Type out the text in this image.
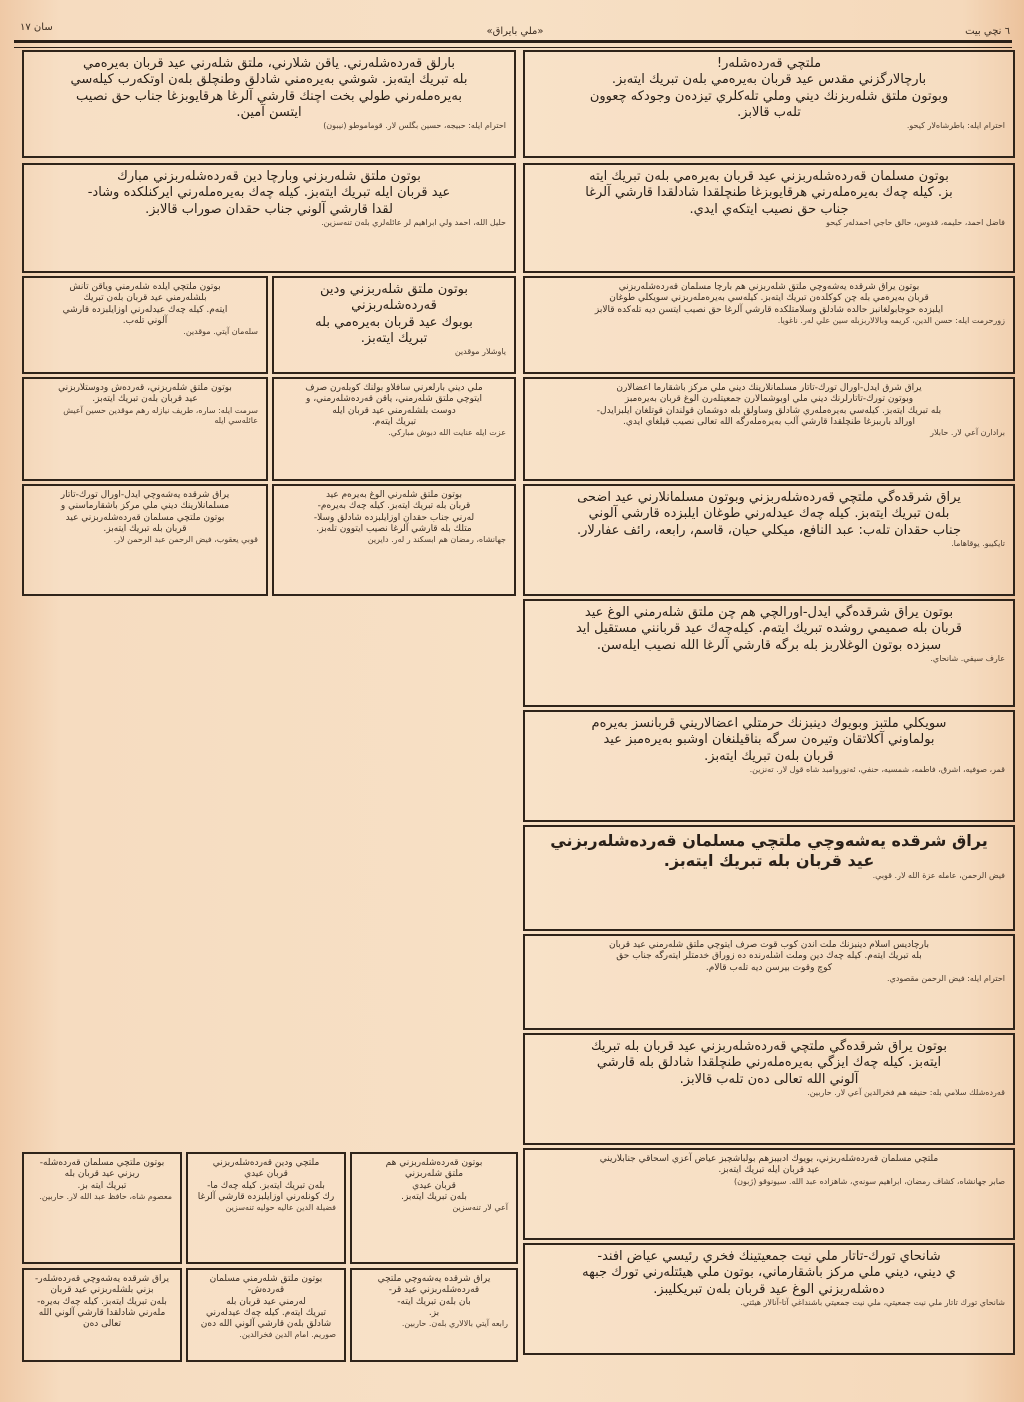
سان ١٧	«ملي بايراق»	٦ نچي بيت

ملتچي قه‌رده‌شله‌ر!

بارچالارگزني مقدس عيد قربان به‌يره‌مي بله‌ن تبريك ايته‌بز.

وبوتون ملتق شله‌ربزنك ديني وملي تله‌كلري تيزده‌ن وجودكه چعوون

تله‌ب قالابز.

احترام ايله: باطرشاه‌لار كيحو.

بارلق قه‌رده‌شله‌رني. ياقن شلارني، ملتق شله‌رني عيد قربان به‌يره‌مي

بله تبريك ايته‌بز. شوشي به‌يره‌مني شادلق وطنچلق بله‌ن اوتكه‌رب كيله‌سي

به‌يره‌مله‌رني طولي بخت اچنك قارشي آلرغا هرقايوبزغا جناب حق نصيب

ايتسن آمين.

احترام ايله: حبيجه، حسين بگلس لار. قوماموطو (نيبون)

بوتون مسلمان قه‌رده‌شله‌ربزني عيد قربان به‌يره‌مي بله‌ن تبريك ايته

بز. كيله چه‌ك به‌يره‌مله‌رني هرقايوبزغا طنچلقدا شادلقدا قارشي آلرغا

جناب حق نصيب ايتكه‌ي ايدي.

فاضل احمد، حليمه، قدوس، حالق حاجي احمدله‌ر كيحو

بوتون ملتق شله‌ربزني وبارچا دين قه‌رده‌شله‌ربزني مبارك

عيد قربان ايله تبريك ايته‌بز. كيله چه‌ك به‌يره‌مله‌رني ايركنلكده وشاد-

لقدا قارشي آلوني جناب حقدان صوراب قالابز.

حليل الله، احمد ولي ابراهيم لر عائله‌لري بله‌ن تنه‌سزين.

بوتون يراق شرقده يه‌شه‌وچي ملتق شله‌ربزني هم بارچا مسلمان قه‌رده‌شله‌ربزني

قربان به‌يره‌مي بله چن كوكلده‌ن تبريك ايته‌بز. كيله‌سي به‌يره‌مله‌ربزني سويكلي طوغان

ايلبزده حوجابولغانبز حالده شادلق وسلامتلكده قارشي آلرغا حق نصيب ايتسن ديه تله‌كده قالابز

زورحرمت ايله: حسن الدين، كريمه وبالالاربزبله سين علي له‌ر. ناغويا.

بوتون ملتق شله‌ربزني ودين قه‌رده‌شله‌ربزني

بوبوك عيد قربان به‌يره‌مي بله

تبريك ايته‌بز.

ياوشلار موقدين

بوتون ملتچي ايلده شله‌رمني وياقن تانش

بلشله‌رمني عيد قربان بله‌ن تبريك

ايته‌م. كيله چه‌ك عيدله‌رني اوزايلبزده قارشي

آلوني تله‌ب.

سله‌مان آيتي. موقدين.

يراق شرق ايدل-اورال تورك-تاتار مسلمانلارينك ديني ملي مركز باشقارما اعضالارن

وبوتون تورك-تاتارلرنك ديني ملي اوبوشمالارن جمعيتله‌رن الوغ قربان به‌يره‌مبز

بله تبريك ايته‌بز. كيله‌سي به‌يره‌مله‌ري شادلق وساولق بله دوشمان قولندان قوتلغان ايلبزايدل-

اورالد بارببزغا طنچلقدا قارشي آلب به‌يره‌مله‌رگه الله تعالى نصيب قيلغاي ايدي.

برادارن آعي لار. حابلار

ملي ديني بارلعرني سافلاو بولنك كوبله‌رن صرف

ايتوچي ملتق شله‌رمني، ياقن قه‌رده‌شله‌رمني، و

دوست بلشله‌رمني عيد قربان ايله

تبريك ايته‌م.

عزت ايله عنايت الله دبوش مباركي.

بوتون ملتق شله‌ربزني، قه‌رده‌ش ودوستلاربزني

عيد قربان بله‌ن تبريك ايته‌بز.

سرمت ايله: ساره، طريف نيازله رهم موقدين حسين آعيش عائله‌سي ايله

يراق شرقده‌گي ملتچي قه‌رده‌شله‌ربزني وبوتون مسلمانلارني عيد اضحى

بله‌ن تبريك ايته‌بز. كيله چه‌ك عيدله‌رني طوغان ايلبزده قارشي آلوني

جناب حقدان تله‌ب: عبد النافع، ميكلي حيان، قاسم، رابعه، رائف عفارلار.

تايكيبو. يوقاهاما.

بوتون ملتق شله‌رني الوغ به‌يره‌م عيد

قربان بله تبريك ايته‌بز. كيله چه‌ك به‌يره‌م-

له‌رني جناب حقدان اوزايلبزده شادلق وسلا-

متلك بله قارشي آلرغا نصيب ايتوون تله‌بز.

جهانشاه، رمضان هم ابسكند ر له‌ر. دايرين

يراق شرقده يه‌شه‌وچي ايدل-اورال تورك-تاتار

مسلمانلارينك ديني ملي مركز باشقارماسني و

بوتون ملتچي مسلمان قه‌رده‌شله‌ربزني عيد

قربان بله تبريك ايته‌بز.

قوبي يعقوب، فيض الرحمن عبد الرحمن لار.

بوتون يراق شرقده‌گي ايدل-اورالچي هم چن ملتق شله‌رمني الوغ عيد

قربان بله صميمي روشده تبريك ايته‌م. كيله‌چه‌ك عيد قربانني مستقيل ايد

سبزده بوتون الوغلاربز بله برگه قارشي آلرغا الله نصيب ايله‌سن.

عارف سيفي. شانحاي.

سويكلي ملتبز وبويوك دينبزنك حرمتلي اعضالاريني قربانسز به‌يره‌م

بولماوني آكلاتقان وتيره‌ن سرگه بناقيلنغان اوشبو به‌يره‌مبز عيد

قربان بله‌ن تبريك ايته‌بز.

قمر، صوفيه، اشرق، فاطمه، شمسيه، حنفي، ئه‌نوروامبد شاه قول لار. ته‌نزين.

يراق شرقده يه‌شه‌وچي ملتچي مسلمان قه‌رده‌شله‌ربزني

عيد قربان بله تبريك ايته‌بز.

فيض الرحمن، عامله عزة الله لار. قوبي.

بارچاديس اسلام دينبزنك ملت اندن كوب قوت صرف ايتوچي ملتق شله‌رمني عيد قربان

بله تبريك ايته‌م. كيله چه‌ك دين وملت اشله‌رنده ده زوراق خدمتلر ايته‌رگه جناب حق

كوچ وقوت بيرسن ديه تله‌ب قالام.

احترام ايله: فيض الرحمن مقصودي.

بوتون يراق شرقده‌گي ملتچي قه‌رده‌شله‌ربزني عيد قربان بله تبريك

ايته‌بز. كيله چه‌ك ايزگي به‌يره‌مله‌رني طنچلقدا شادلق بله قارشي

آلوني الله تعالى ده‌ن تله‌ب قالابز.

قه‌رده‌شلك سلامي بله: حنيفه هم فخرالدين آعي لار. حاربين.

ملتچي مسلمان قه‌رده‌شله‌ربزني، بويوك ادبيبزهم بولباشچبز عياض آعزي اسحاقي جنابلاريني

عيد قربان ايله تبريك ايته‌بز.

صابر جهانشاه، كشاف رمضان، ابراهيم سونه‌ي، شاهزاده عبد الله. سيونوقو (ژبون)

شانحاي تورك-تاتار ملي نيت جمعيتينك فخري رئيسي عياض افند-

ي ديني، ديني ملي مركز باشقارماني، بوتون ملي هيئتله‌رني تورك جبهه

ده‌شله‌ربزني الوغ عيد قربان بله‌ن تبريكليبز.

شانحاي تورك تاتار ملي نيت جمعيتي، ملي نيت جمعيتي باشنداغي آتا-آنالار هيئتي.

يراق شرقده يه‌شه‌وچي قه‌رده‌شله‌ر-

بزني بلشله‌ربزني عيد قربان

بله‌ن تبريك ايته‌بز. كيله چه‌ك به‌يره-

مله‌رني شادلقدا قارشي آلوني الله تعالى ده‌ن

بوتون ملتق شله‌رمني مسلمان قه‌رده‌ش-

له‌رمني عيد قربان بله

تبريك ايته‌م. كيله چه‌ك عيدله‌رني

شادلق بله‌ن قارشي آلوني الله ده‌ن

صوريم. امام الدين فخرالدين.

يراق شرقده يه‌شه‌وچي ملتچي

قه‌رده‌شله‌ربزني عيد قر-

بان بله‌ن تبريك ايته-

بز.

رابعه آيتي بالالاري بله‌ن. حاربين.

بوتون ملتچي مسلمان قه‌رده‌شله-

ربزني عيد قربان بله

تبريك ايته بز.

معصوم شاه، حافظ عبد الله لار. حاربين.

ملتچي ودين قه‌رده‌شله‌ربزني

قربان عيدي

بله‌ن تبريك ايته‌بز. كيله چه‌ك ما-

رك كونله‌رني اوزايلبزده قارشي آلرغا

فضيلة الدين عاليه حوليه تنه‌سزين

بوتون قه‌رده‌شله‌ربزني هم

ملتق شله‌ربزني

قربان عيدي

بله‌ن تبريك ايته‌بز.

آعي لار تنه‌سزين
